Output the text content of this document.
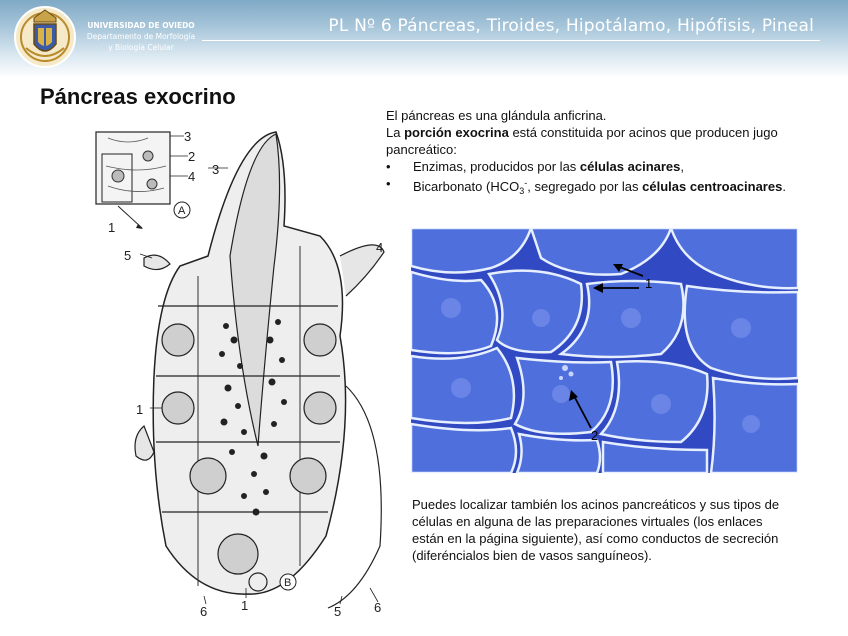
UNIVERSIDAD DE OVIEDO
Departamento de Morfología
y Biología Celular
PL Nº 6 Páncreas, Tiroides, Hipotálamo, Hipófisis, Pineal
Páncreas exocrino

El páncreas es una glándula anficrina.

La porción exocrina está constituida por acinos que producen jugo pancreático:

• Enzimas, producidos por las células acinares,
• Bicarbonato ($HCO_3^-$, segregado por las células centroacinares.
3
2
4
1
3
5
4
1
1
6	5	6
A
B
1
2
Puedes localizar también los acinos pancreáticos y sus tipos de células en alguna de las preparaciones virtuales (los enlaces están en la página siguiente), así como conductos de secreción (diferéncialos bien de vasos sanguíneos).
